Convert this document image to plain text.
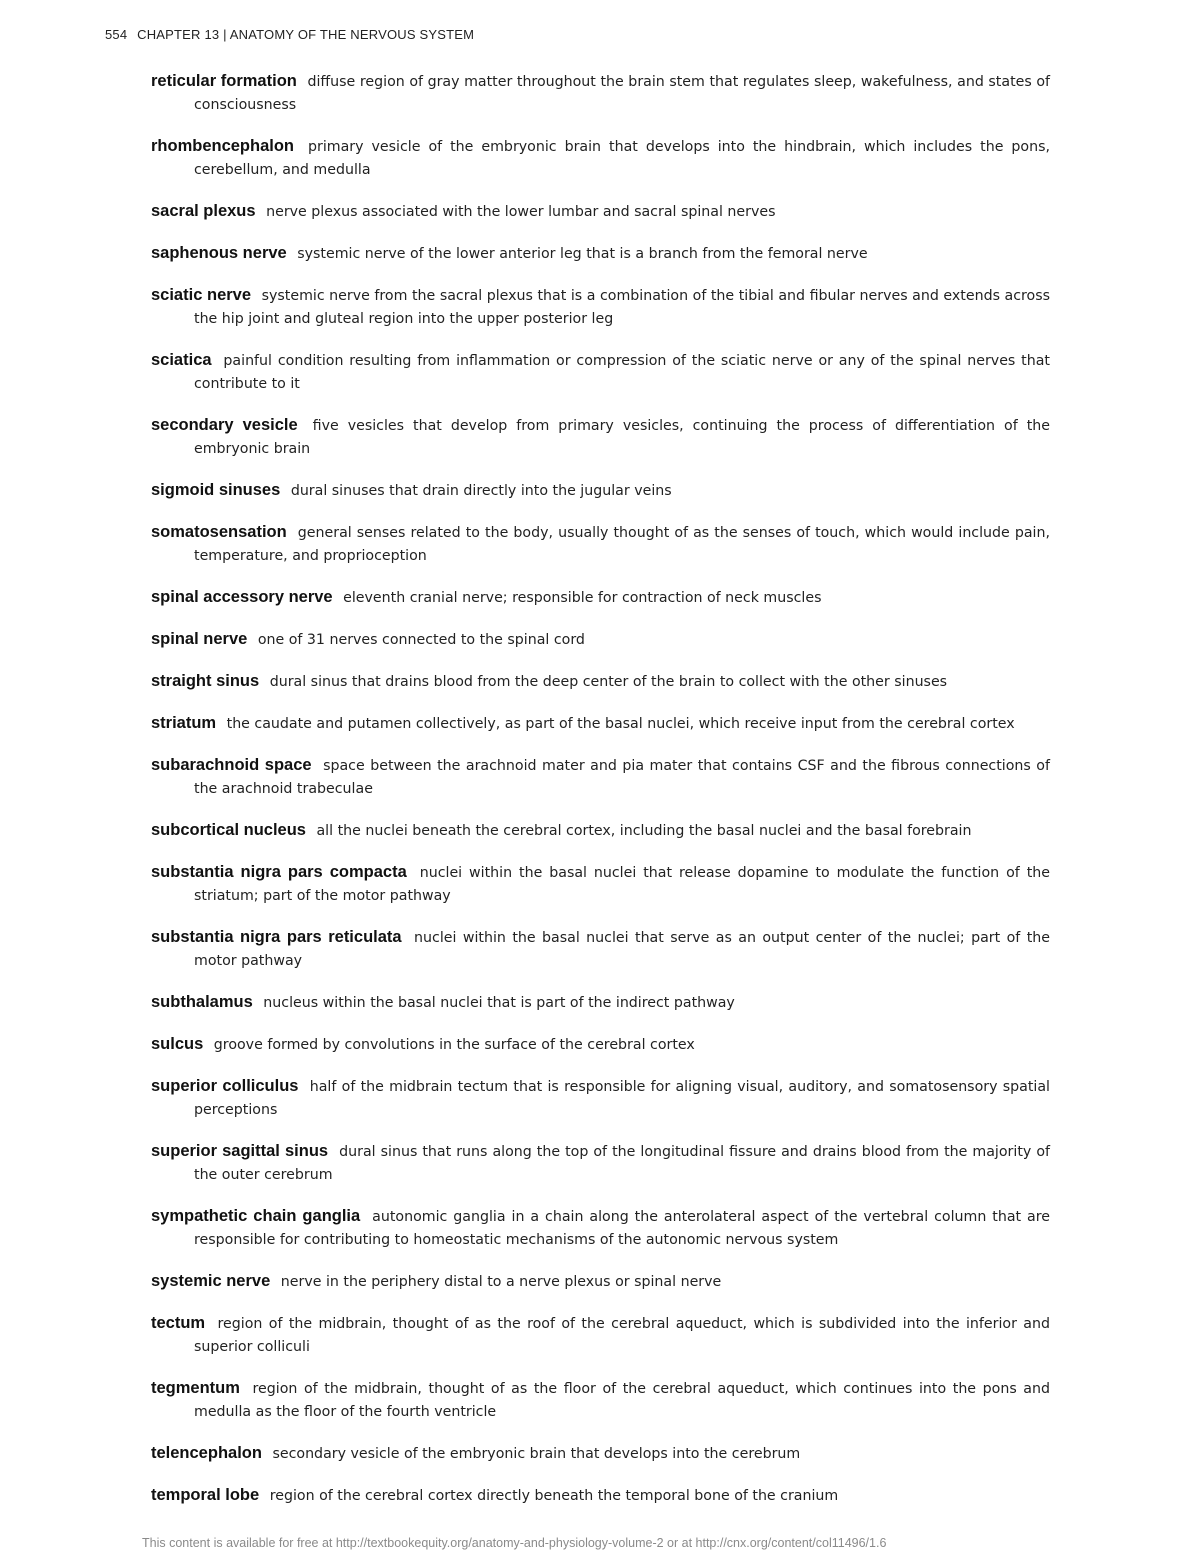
554 CHAPTER 13 | ANATOMY OF THE NERVOUS SYSTEM

reticular formation diffuse region of gray matter throughout the brain stem that regulates sleep, wakefulness, and states of consciousness

rhombencephalon primary vesicle of the embryonic brain that develops into the hindbrain, which includes the pons, cerebellum, and medulla

sacral plexus nerve plexus associated with the lower lumbar and sacral spinal nerves

saphenous nerve systemic nerve of the lower anterior leg that is a branch from the femoral nerve

sciatic nerve systemic nerve from the sacral plexus that is a combination of the tibial and fibular nerves and extends across the hip joint and gluteal region into the upper posterior leg

sciatica painful condition resulting from inflammation or compression of the sciatic nerve or any of the spinal nerves that contribute to it

secondary vesicle five vesicles that develop from primary vesicles, continuing the process of differentiation of the embryonic brain

sigmoid sinuses dural sinuses that drain directly into the jugular veins

somatosensation general senses related to the body, usually thought of as the senses of touch, which would include pain, temperature, and proprioception

spinal accessory nerve eleventh cranial nerve; responsible for contraction of neck muscles

spinal nerve one of 31 nerves connected to the spinal cord

straight sinus dural sinus that drains blood from the deep center of the brain to collect with the other sinuses

striatum the caudate and putamen collectively, as part of the basal nuclei, which receive input from the cerebral cortex

subarachnoid space space between the arachnoid mater and pia mater that contains CSF and the fibrous connections of the arachnoid trabeculae

subcortical nucleus all the nuclei beneath the cerebral cortex, including the basal nuclei and the basal forebrain

substantia nigra pars compacta nuclei within the basal nuclei that release dopamine to modulate the function of the striatum; part of the motor pathway

substantia nigra pars reticulata nuclei within the basal nuclei that serve as an output center of the nuclei; part of the motor pathway

subthalamus nucleus within the basal nuclei that is part of the indirect pathway

sulcus groove formed by convolutions in the surface of the cerebral cortex

superior colliculus half of the midbrain tectum that is responsible for aligning visual, auditory, and somatosensory spatial perceptions

superior sagittal sinus dural sinus that runs along the top of the longitudinal fissure and drains blood from the majority of the outer cerebrum

sympathetic chain ganglia autonomic ganglia in a chain along the anterolateral aspect of the vertebral column that are responsible for contributing to homeostatic mechanisms of the autonomic nervous system

systemic nerve nerve in the periphery distal to a nerve plexus or spinal nerve

tectum region of the midbrain, thought of as the roof of the cerebral aqueduct, which is subdivided into the inferior and superior colliculi

tegmentum region of the midbrain, thought of as the floor of the cerebral aqueduct, which continues into the pons and medulla as the floor of the fourth ventricle

telencephalon secondary vesicle of the embryonic brain that develops into the cerebrum

temporal lobe region of the cerebral cortex directly beneath the temporal bone of the cranium

This content is available for free at http://textbookequity.org/anatomy-and-physiology-volume-2 or at http://cnx.org/content/col11496/1.6
